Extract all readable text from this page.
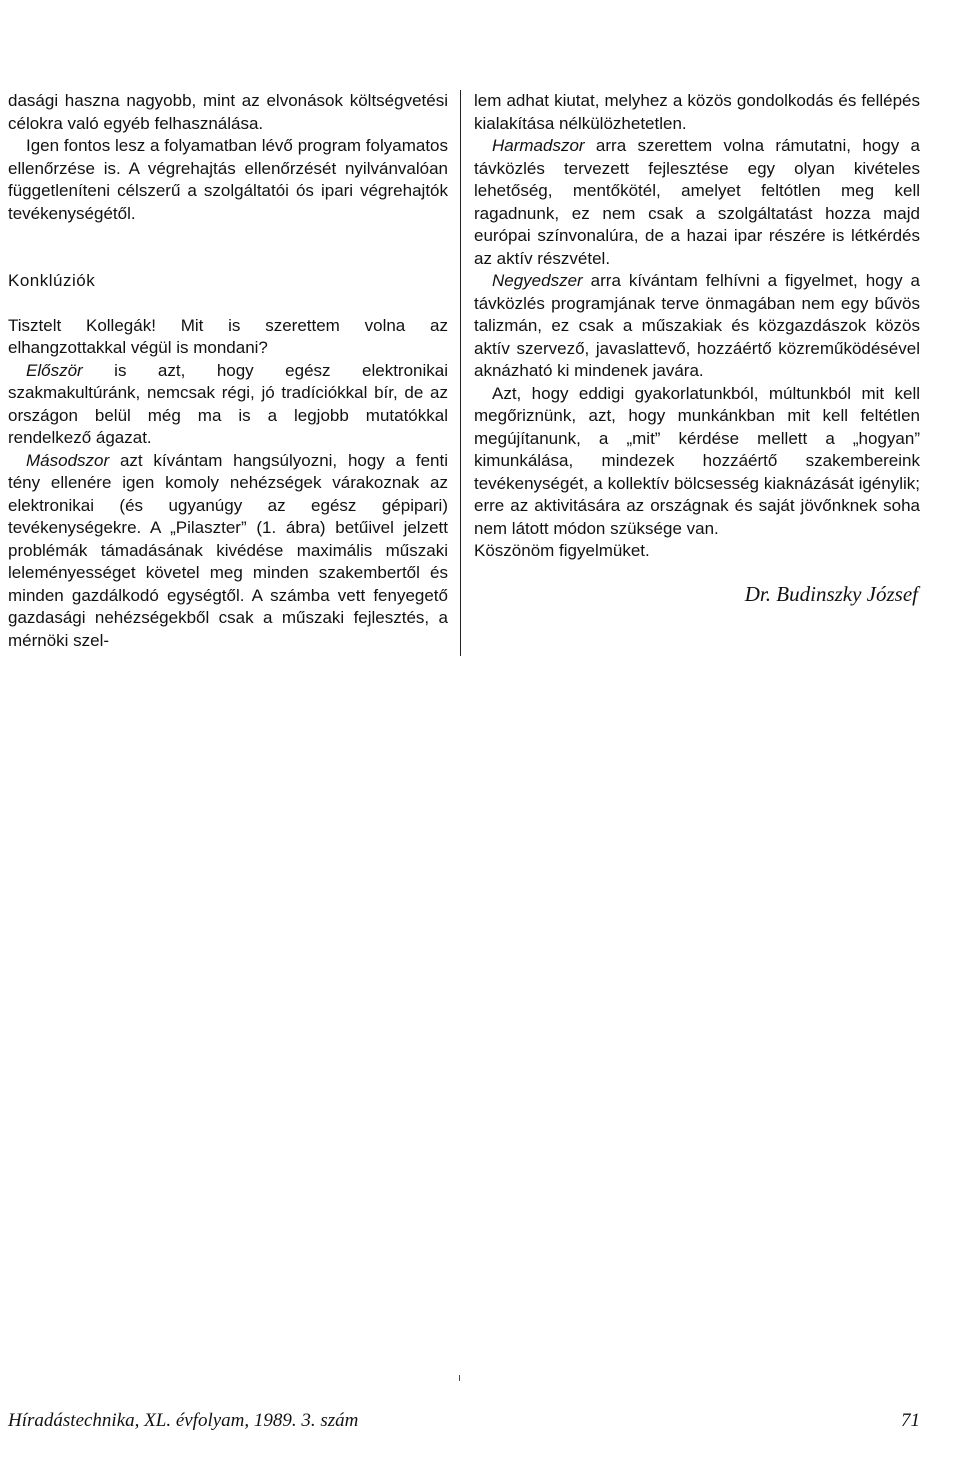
dasági haszna nagyobb, mint az elvonások költségvetési célokra való egyéb felhasználása.

Igen fontos lesz a folyamatban lévő program folyamatos ellenőrzése is. A végrehajtás ellenőrzését nyilvánvalóan függetleníteni célszerű a szolgáltatói ós ipari végrehajtók tevékenységétől.

Konklúziók

Tisztelt Kollegák! Mit is szerettem volna az elhangzottakkal végül is mondani?

Először is azt, hogy egész elektronikai szakmakultúránk, nemcsak régi, jó tradíciókkal bír, de az országon belül még ma is a legjobb mutatókkal rendelkező ágazat.

Másodszor azt kívántam hangsúlyozni, hogy a fenti tény ellenére igen komoly nehézségek várakoznak az elektronikai (és ugyanúgy az egész gépipari) tevékenységekre. A „Pilaszter” (1. ábra) betűivel jelzett problémák támadásának kivédése maximális műszaki leleményességet követel meg minden szakembertől és minden gazdálkodó egységtől. A számba vett fenyegető gazdasági nehézségekből csak a műszaki fejlesztés, a mérnöki szel-

lem adhat kiutat, melyhez a közös gondolkodás és fellépés kialakítása nélkülözhetetlen.

Harmadszor arra szerettem volna rámutatni, hogy a távközlés tervezett fejlesztése egy olyan kivételes lehetőség, mentőkötél, amelyet feltótlen meg kell ragadnunk, ez nem csak a szolgáltatást hozza majd európai színvonalúra, de a hazai ipar részére is létkérdés az aktív részvétel.

Negyedszer arra kívántam felhívni a figyelmet, hogy a távközlés programjának terve önmagában nem egy bűvös talizmán, ez csak a műszakiak és közgazdászok közös aktív szervező, javaslattevő, hozzáértő közreműködésével aknázható ki mindenek javára.

Azt, hogy eddigi gyakorlatunkból, múltunkból mit kell megőriznünk, azt, hogy munkánkban mit kell feltétlen megújítanunk, a „mit” kérdése mellett a „hogyan” kimunkálása, mindezek hozzáértő szakembereink tevékenységét, a kollektív bölcsesség kiaknázását igénylik; erre az aktivitására az országnak és saját jövőnknek soha nem látott módon szüksége van.

Köszönöm figyelmüket.

Dr. Budinszky József

ı
Híradástechnika, XL. évfolyam, 1989. 3. szám	71
